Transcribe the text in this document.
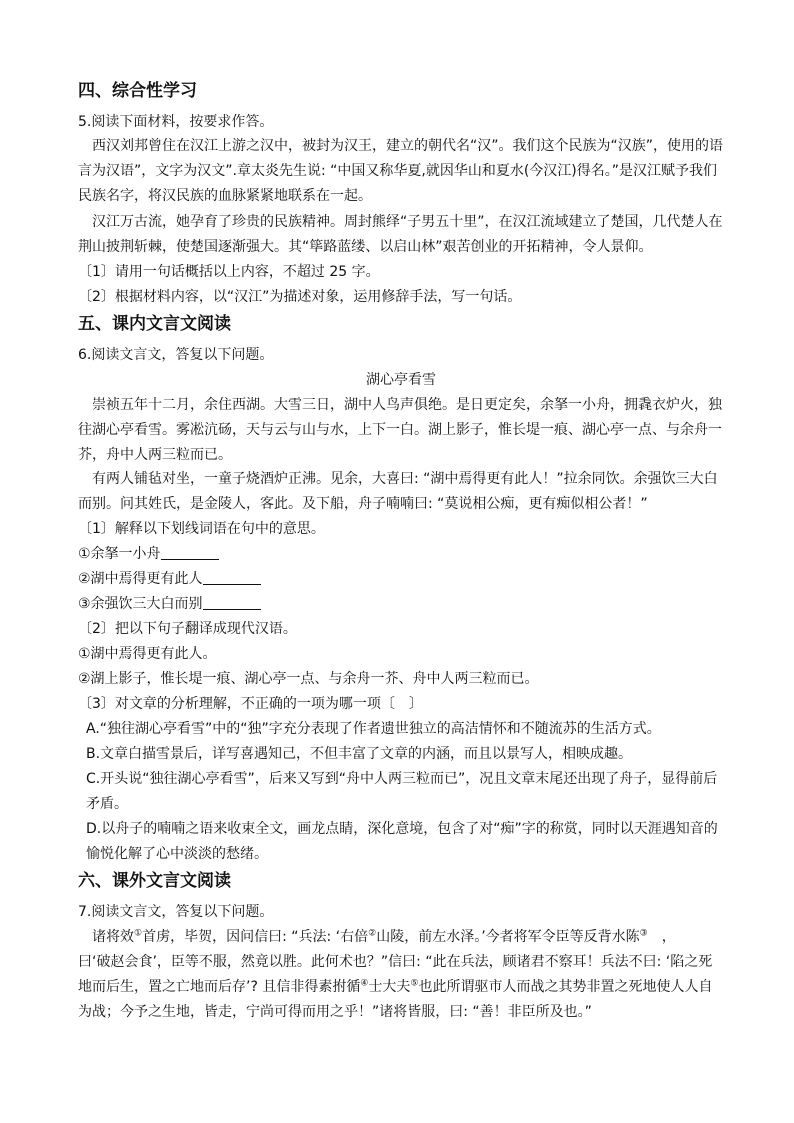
四、综合性学习
5.阅读下面材料，按要求作答。
西汉刘邦曾住在汉江上游之汉中，被封为汉王，建立的朝代名“汉”。我们这个民族为“汉族”，使用的语言为汉语”，文字为汉文”.章太炎先生说: “中国又称华夏,就因华山和夏水(今汉江)得名。”是汉江赋予我们民族名字，将汉民族的血脉紧紧地联系在一起。
汉江万古流，她孕育了珍贵的民族精神。周封熊绎“子男五十里”，在汉江流域建立了楚国，几代楚人在荆山披荆斩棘，使楚国逐渐强大。其“筚路蓝缕、以启山林”艰苦创业的开拓精神，令人景仰。
〔1〕请用一句话概括以上内容，不超过 25 字。
〔2〕根据材料内容，以“汉江”为描述对象，运用修辞手法，写一句话。
五、课内文言文阅读
6.阅读文言文，答复以下问题。
湖心亭看雪
崇祯五年十二月，余住西湖。大雪三日，湖中人鸟声俱绝。是日更定矣，余拏一小舟，拥毳衣炉火，独往湖心亭看雪。雾凇沆砀，天与云与山与水，上下一白。湖上影子，惟长堤一痕、湖心亭一点、与余舟一芥，舟中人两三粒而已。
有两人铺毡对坐，一童子烧酒炉正沸。见余，大喜曰: “湖中焉得更有此人！”拉余同饮。余强饮三大白而别。问其姓氏，是金陵人，客此。及下船，舟子喃喃曰: “莫说相公痴，更有痴似相公者！”
〔1〕解释以下划线词语在句中的意思。
①余拏一小舟
②湖中焉得更有此人
③余强饮三大白而别
〔2〕把以下句子翻译成现代汉语。
①湖中焉得更有此人。
②湖上影子，惟长堤一痕、湖心亭一点、与余舟一芥、舟中人两三粒而已。
〔3〕对文章的分析理解，不正确的一项为哪一项〔　〕
A.“独往湖心亭看雪”中的“独”字充分表现了作者遗世独立的高洁情怀和不随流苏的生活方式。
B.文章白描雪景后，详写喜遇知己，不但丰富了文章的内涵，而且以景写人，相映成趣。
C.开头说“独往湖心亭看雪”，后来又写到“舟中人两三粒而已”，况且文章末尾还出现了舟子，显得前后
矛盾。
D.以舟子的喃喃之语来收束全文，画龙点睛，深化意境，包含了对“痴”字的称赏，同时以天涯遇知音的
愉悦化解了心中淡淡的愁绪。
六、课外文言文阅读
7.阅读文言文，答复以下问题。
诸将效①首虏，毕贺，因问信曰: “兵法: ‘右倍②山陵，前左水泽。’今者将军令臣等反背水陈③　，
曰‘破赵会食’，臣等不服，然竟以胜。此何术也？”信曰: “此在兵法，顾诸君不察耳！兵法不曰: ‘陷之死
地而后生，置之亡地而后存’? 且信非得素拊循④士大夫⑤也此所谓驱市人而战之其势非置之死地使人人自
为战；今予之生地，皆走，宁尚可得而用之乎！”诸将皆服，曰: “善！非臣所及也。”
